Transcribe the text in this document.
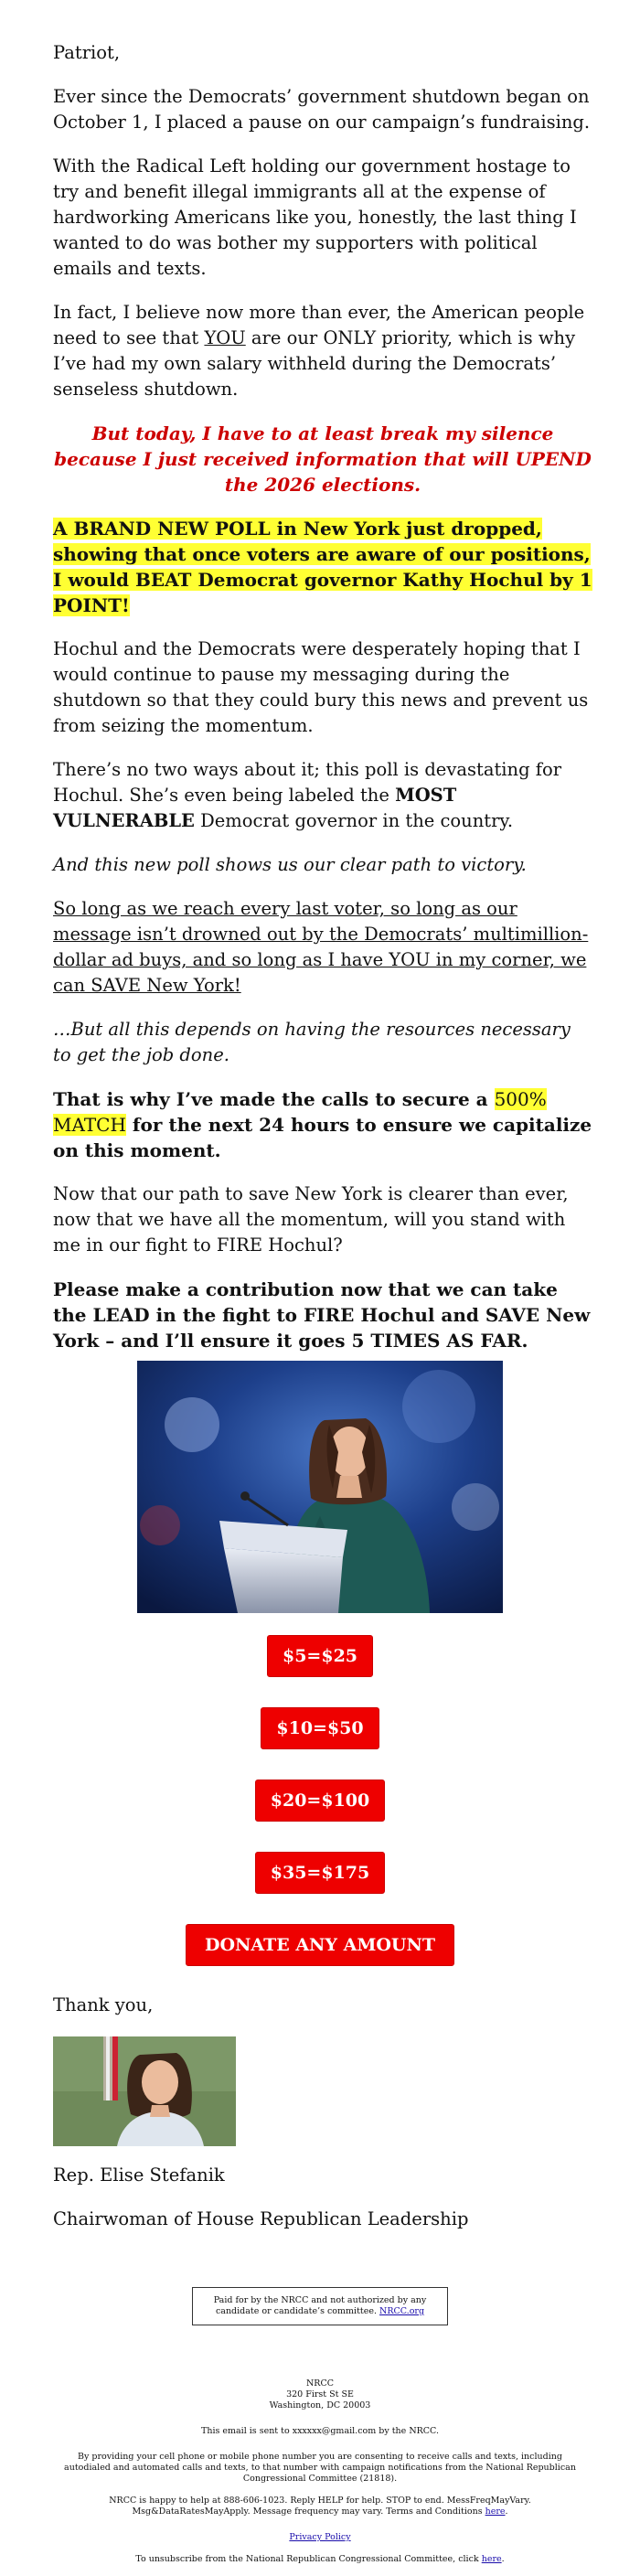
Patriot,

Ever since the Democrats’ government shutdown began on October 1, I placed a pause on our campaign’s fundraising.

With the Radical Left holding our government hostage to try and benefit illegal immigrants all at the expense of hardworking Americans like you, honestly, the last thing I wanted to do was bother my supporters with political emails and texts.

In fact, I believe now more than ever, the American people need to see that YOU are our ONLY priority, which is why I’ve had my own salary withheld during the Democrats’ senseless shutdown.

But today, I have to at least break my silence because I just received information that will UPEND the 2026 elections.

A BRAND NEW POLL in New York just dropped, showing that once voters are aware of our positions, I would BEAT Democrat governor Kathy Hochul by 1 POINT!

Hochul and the Democrats were desperately hoping that I would continue to pause my messaging during the shutdown so that they could bury this news and prevent us from seizing the momentum.

There’s no two ways about it; this poll is devastating for Hochul. She’s even being labeled the MOST VULNERABLE Democrat governor in the country.

And this new poll shows us our clear path to victory.

So long as we reach every last voter, so long as our message isn’t drowned out by the Democrats’ multimillion-dollar ad buys, and so long as I have YOU in my corner, we can SAVE New York!

…But all this depends on having the resources necessary to get the job done.

That is why I’ve made the calls to secure a 500% MATCH for the next 24 hours to ensure we capitalize on this moment.

Now that our path to save New York is clearer than ever, now that we have all the momentum, will you stand with me in our fight to FIRE Hochul?

Please make a contribution now that we can take the LEAD in the fight to FIRE Hochul and SAVE New York – and I’ll ensure it goes 5 TIMES AS FAR.

$5=$25
$10=$50
$20=$100
$35=$175
DONATE ANY AMOUNT

Thank you,

Rep. Elise Stefanik

Chairwoman of House Republican Leadership

Paid for by the NRCC and not authorized by any candidate or candidate’s committee. NRCC.org
NRCC
320 First St SE
Washington, DC 20003
This email is sent to xxxxxx@gmail.com by the NRCC.
By providing your cell phone or mobile phone number you are consenting to receive calls and texts, including autodialed and automated calls and texts, to that number with campaign notifications from the National Republican Congressional Committee (21818).
NRCC is happy to help at 888-606-1023. Reply HELP for help. STOP to end. MessFreqMayVary. Msg&DataRatesMayApply. Message frequency may vary. Terms and Conditions here.
Privacy Policy
To unsubscribe from the National Republican Congressional Committee, click here.
